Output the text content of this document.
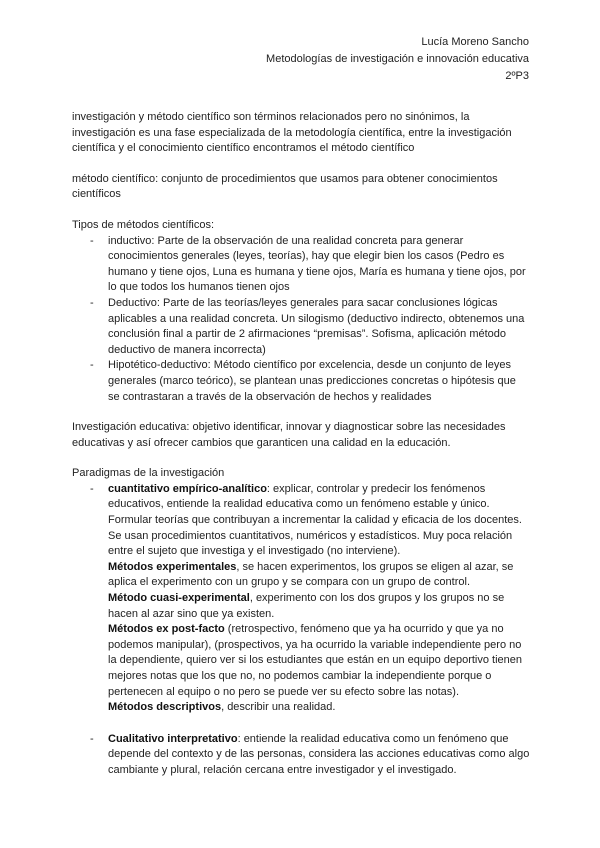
Lucía Moreno Sancho
Metodologías de investigación e innovación educativa
2ºP3

investigación y método científico son términos relacionados pero no sinónimos, la investigación es una fase especializada de la metodología científica, entre la investigación científica y el conocimiento científico encontramos el método científico

método científico: conjunto de procedimientos que usamos para obtener conocimientos científicos

Tipos de métodos científicos:

- inductivo: Parte de la observación de una realidad concreta para generar conocimientos generales (leyes, teorías), hay que elegir bien los casos (Pedro es humano y tiene ojos, Luna es humana y tiene ojos, María es humana y tiene ojos, por lo que todos los humanos tienen ojos
- Deductivo: Parte de las teorías/leyes generales para sacar conclusiones lógicas aplicables a una realidad concreta. Un silogismo (deductivo indirecto, obtenemos una conclusión final a partir de 2 afirmaciones “premisas”. Sofisma, aplicación método deductivo de manera incorrecta)
- Hipotético-deductivo: Método científico por excelencia, desde un conjunto de leyes generales (marco teórico), se plantean unas predicciones concretas o hipótesis que se contrastaran a través de la observación de hechos y realidades

Investigación educativa: objetivo identificar, innovar y diagnosticar sobre las necesidades educativas y así ofrecer cambios que garanticen una calidad en la educación.

Paradigmas de la investigación

- cuantitativo empírico-analítico: explicar, controlar y predecir los fenómenos educativos, entiende la realidad educativa como un fenómeno estable y único. Formular teorías que contribuyan a incrementar la calidad y eficacia de los docentes. Se usan procedimientos cuantitativos, numéricos y estadísticos. Muy poca relación entre el sujeto que investiga y el investigado (no interviene).
Métodos experimentales, se hacen experimentos, los grupos se eligen al azar, se aplica el experimento con un grupo y se compara con un grupo de control.
Método cuasi-experimental, experimento con los dos grupos y los grupos no se hacen al azar sino que ya existen.
Métodos ex post-facto (retrospectivo, fenómeno que ya ha ocurrido y que ya no podemos manipular), (prospectivos, ya ha ocurrido la variable independiente pero no la dependiente, quiero ver si los estudiantes que están en un equipo deportivo tienen mejores notas que los que no, no podemos cambiar la independiente porque o pertenecen al equipo o no pero se puede ver su efecto sobre las notas).
Métodos descriptivos, describir una realidad.
- Cualitativo interpretativo: entiende la realidad educativa como un fenómeno que depende del contexto y de las personas, considera las acciones educativas como algo cambiante y plural, relación cercana entre investigador y el investigado.
